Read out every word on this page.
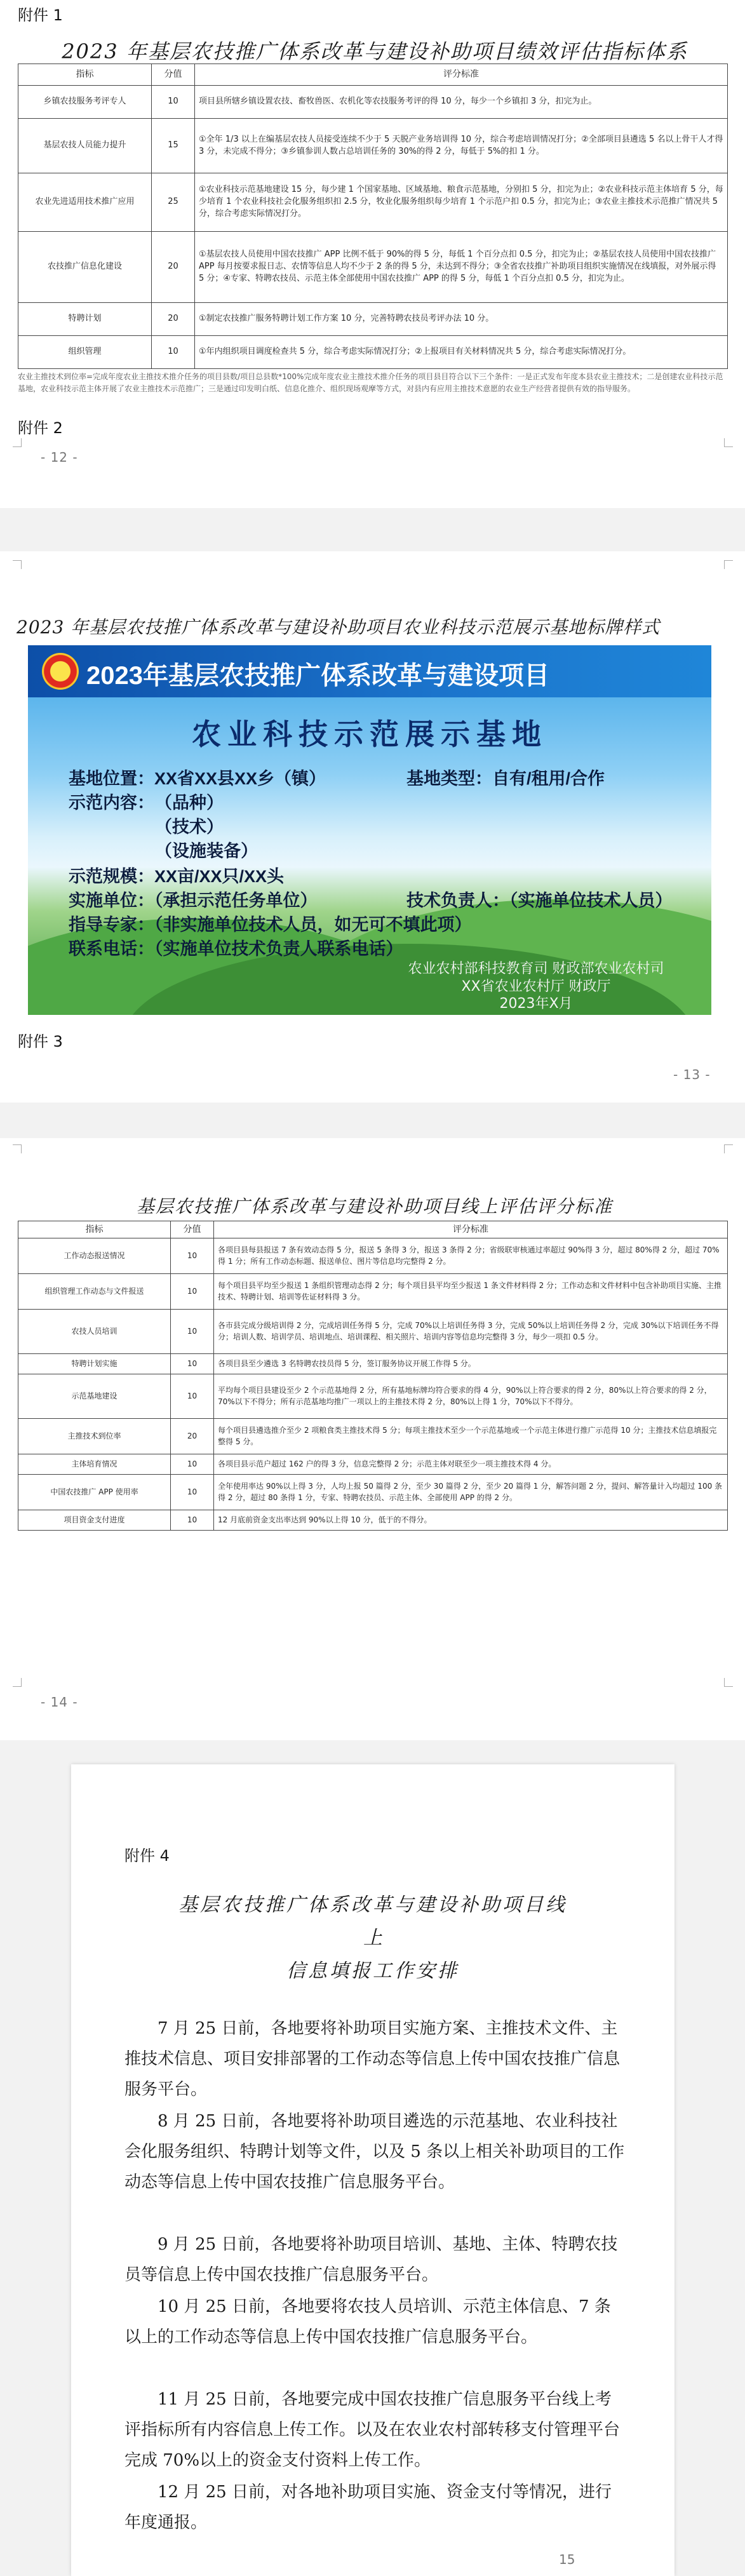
附件 1
2023 年基层农技推广体系改革与建设补助项目绩效评估指标体系
指标	分值	评分标准
乡镇农技服务考评专人	10	项目县所辖乡镇设置农技、畜牧兽医、农机化等农技服务考评的得 10 分，每少一个乡镇扣 3 分，扣完为止。
基层农技人员能力提升	15	①全年 1/3 以上在编基层农技人员接受连续不少于 5 天脱产业务培训得 10 分，综合考虑培训情况打分；②全部项目县遴选 5 名以上骨干人才得 3 分，未完成不得分；③乡镇参训人数占总培训任务的 30%的得 2 分，每低于 5%的扣 1 分。
农业先进适用技术推广应用	25	①农业科技示范基地建设 15 分，每少建 1 个国家基地、区域基地、粮食示范基地，分别扣 5 分，扣完为止；②农业科技示范主体培育 5 分，每少培育 1 个农业科技社会化服务组织扣 2.5 分，牧业化服务组织每少培育 1 个示范户扣 0.5 分，扣完为止；③农业主推技术示范推广情况共 5 分，综合考虑实际情况打分。
农技推广信息化建设	20	①基层农技人员使用中国农技推广 APP 比例不低于 90%的得 5 分，每低 1 个百分点扣 0.5 分，扣完为止；②基层农技人员使用中国农技推广 APP 每月按要求报日志、农情等信息人均不少于 2 条的得 5 分，未达到不得分；③全省农技推广补助项目组织实施情况在线填报，对外展示得 5 分；④专家、特聘农技员、示范主体全部使用中国农技推广 APP 的得 5 分，每低 1 个百分点扣 0.5 分，扣完为止。
特聘计划	20	①制定农技推广服务特聘计划工作方案 10 分，完善特聘农技员考评办法 10 分。
组织管理	10	①年内组织项目调度检查共 5 分，综合考虑实际情况打分；②上报项目有关材料情况共 5 分，综合考虑实际情况打分。
农业主推技术到位率=完成年度农业主推技术推介任务的项目县数/项目总县数*100%完成年度农业主推技术推介任务的项目县目符合以下三个条件：一是正式发布年度本县农业主推技术；二是创建农业科技示范基地，农业科技示范主体开展了农业主推技术示范推广；三是通过印发明白纸、信息化推介、组织现场观摩等方式，对县内有应用主推技术意愿的农业生产经营者提供有效的指导服务。
附件 2
- 12 -
2023 年基层农技推广体系改革与建设补助项目农业科技示范展示基地标牌样式
附件 3
- 13 -
2023年基层农技推广体系改革与建设项目
农业科技示范展示基地
基地位置：XX省XX县XX乡（镇）	基地类型：自有/租用/合作
示范内容： （品种）
（技术）
（设施装备）
示范规模：XX亩/XX只/XX头
实施单位：（承担示范任务单位）	技术负责人：（实施单位技术人员）
指导专家：（非实施单位技术人员，如无可不填此项）
联系电话：（实施单位技术负责人联系电话）
农业农村部科技教育司 财政部农业农村司
XX省农业农村厅 财政厅
2023年X月
基层农技推广体系改革与建设补助项目线上评估评分标准
指标	分值	评分标准
工作动态报送情况	10	各项目县每县报送 7 条有效动态得 5 分，报送 5 条得 3 分，报送 3 条得 2 分；省级联审核通过率超过 90%得 3 分，超过 80%得 2 分，超过 70%得 1 分；所有工作动态标题、报送单位、图片等信息均完整得 2 分。
组织管理工作动态与文件报送	10	每个项目县平均至少报送 1 条组织管理动态得 2 分；每个项目县平均至少报送 1 条文件材料得 2 分；工作动态和文件材料中包含补助项目实施、主推技术、特聘计划、培训等佐证材料得 3 分。
农技人员培训	10	各市县完成分级培训得 2 分，完成培训任务得 5 分，完成 70%以上培训任务得 3 分，完成 50%以上培训任务得 2 分，完成 30%以下培训任务不得分；培训人数、培训学员、培训地点、培训课程、相关照片、培训内容等信息均完整得 3 分，每少一项扣 0.5 分。
特聘计划实施	10	各项目县至少遴选 3 名特聘农技员得 5 分，签订服务协议开展工作得 5 分。
示范基地建设	10	平均每个项目县建设至少 2 个示范基地得 2 分，所有基地标牌均符合要求的得 4 分，90%以上符合要求的得 2 分，80%以上符合要求的得 2 分，70%以下不得分；所有示范基地均推广一项以上的主推技术得 2 分，80%以上得 1 分，70%以下不得分。
主推技术到位率	20	每个项目县遴选推介至少 2 项粮食类主推技术得 5 分；每项主推技术至少一个示范基地或一个示范主体进行推广示范得 10 分；主推技术信息填报完整得 5 分。
主体培育情况	10	各项目县示范户超过 162 户的得 3 分，信息完整得 2 分；示范主体对联至少一项主推技术得 4 分。
中国农技推广 APP 使用率	10	全年使用率达 90%以上得 3 分，人均上报 50 篇得 2 分，至少 30 篇得 2 分，至少 20 篇得 1 分，解答问题 2 分，提问、解答量计入均超过 100 条得 2 分，超过 80 条得 1 分，专家、特聘农技员、示范主体、全部使用 APP 的得 2 分。
项目资金支付进度	10	12 月底前资金支出率达到 90%以上得 10 分，低于的不得分。
- 14 -
附件 4
基层农技推广体系改革与建设补助项目线
上
信息填报工作安排
7 月 25 日前，各地要将补助项目实施方案、主推技术文件、主推技术信息、项目安排部署的工作动态等信息上传中国农技推广信息服务平台。
8 月 25 日前，各地要将补助项目遴选的示范基地、农业科技社会化服务组织、特聘计划等文件，以及 5 条以上相关补助项目的工作动态等信息上传中国农技推广信息服务平台。
9 月 25 日前，各地要将补助项目培训、基地、主体、特聘农技员等信息上传中国农技推广信息服务平台。
10 月 25 日前，各地要将农技人员培训、示范主体信息、7 条以上的工作动态等信息上传中国农技推广信息服务平台。
11 月 25 日前，各地要完成中国农技推广信息服务平台线上考评指标所有内容信息上传工作。以及在农业农村部转移支付管理平台完成 70%以上的资金支付资料上传工作。
12 月 25 日前，对各地补助项目实施、资金支付等情况，进行年度通报。
15
